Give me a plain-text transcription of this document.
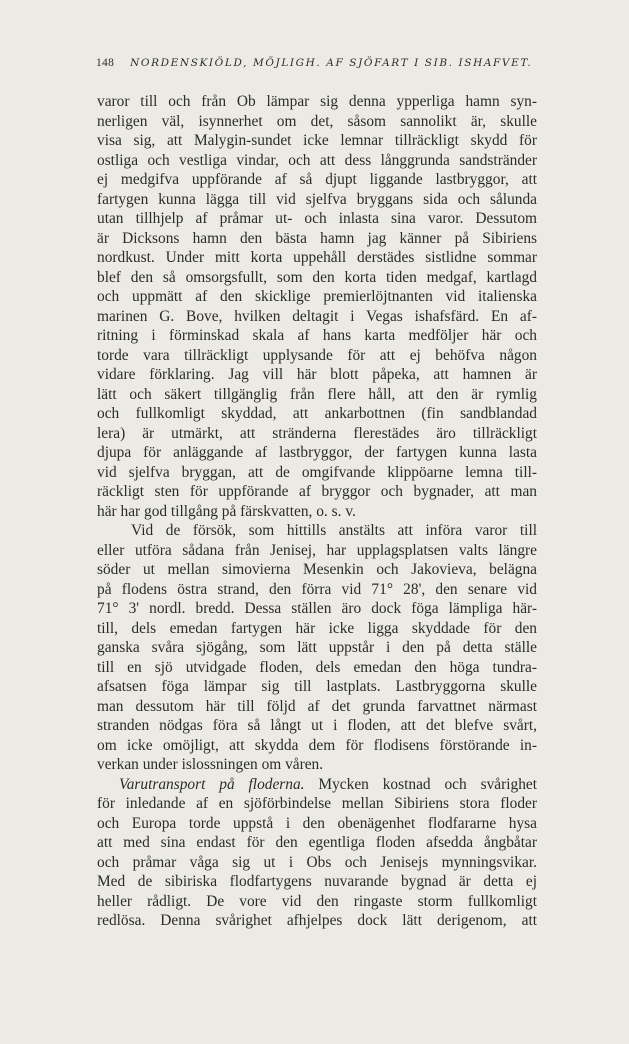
148 NORDENSKIÖLD, MÖJLIGH. AF SJÖFART I SIB. ISHAFVET.
varor till och från Ob lämpar sig denna ypperliga hamn syn-
nerligen väl, isynnerhet om det, såsom sannolikt är, skulle
visa sig, att Malygin-sundet icke lemnar tillräckligt skydd för
ostliga och vestliga vindar, och att dess långgrunda sandstränder
ej medgifva uppförande af så djupt liggande lastbryggor, att
fartygen kunna lägga till vid sjelfva bryggans sida och sålunda
utan tillhjelp af pråmar ut- och inlasta sina varor. Dessutom
är Dicksons hamn den bästa hamn jag känner på Sibiriens
nordkust. Under mitt korta uppehåll derstädes sistlidne sommar
blef den så omsorgsfullt, som den korta tiden medgaf, kartlagd
och uppmätt af den skicklige premierlöjtnanten vid italienska
marinen G. Bove, hvilken deltagit i Vegas ishafsfärd. En af-
ritning i förminskad skala af hans karta medföljer här och
torde vara tillräckligt upplysande för att ej behöfva någon
vidare förklaring. Jag vill här blott påpeka, att hamnen är
lätt och säkert tillgänglig från flere håll, att den är rymlig
och fullkomligt skyddad, att ankarbottnen (fin sandblandad
lera) är utmärkt, att stränderna flerestädes äro tillräckligt
djupa för anläggande af lastbryggor, der fartygen kunna lasta
vid sjelfva bryggan, att de omgifvande klippöarne lemna till-
räckligt sten för uppförande af bryggor och bygnader, att man
här har god tillgång på färskvatten, o. s. v.
Vid de försök, som hittills anstälts att införa varor till
eller utföra sådana från Jenisej, har upplagsplatsen valts längre
söder ut mellan simovierna Mesenkin och Jakovieva, belägna
på flodens östra strand, den förra vid 71° 28', den senare vid
71° 3' nordl. bredd. Dessa ställen äro dock föga lämpliga här-
till, dels emedan fartygen här icke ligga skyddade för den
ganska svåra sjögång, som lätt uppstår i den på detta ställe
till en sjö utvidgade floden, dels emedan den höga tundra-
afsatsen föga lämpar sig till lastplats. Lastbryggorna skulle
man dessutom här till följd af det grunda farvattnet närmast
stranden nödgas föra så långt ut i floden, att det blefve svårt,
om icke omöjligt, att skydda dem för flodisens förstörande in-
verkan under islossningen om våren.
Varutransport på floderna. Mycken kostnad och svårighet
för inledande af en sjöförbindelse mellan Sibiriens stora floder
och Europa torde uppstå i den obenägenhet flodfararne hysa
att med sina endast för den egentliga floden afsedda ångbåtar
och pråmar våga sig ut i Obs och Jenisejs mynningsvikar.
Med de sibiriska flodfartygens nuvarande bygnad är detta ej
heller rådligt. De vore vid den ringaste storm fullkomligt
redlösa. Denna svårighet afhjelpes dock lätt derigenom, att
